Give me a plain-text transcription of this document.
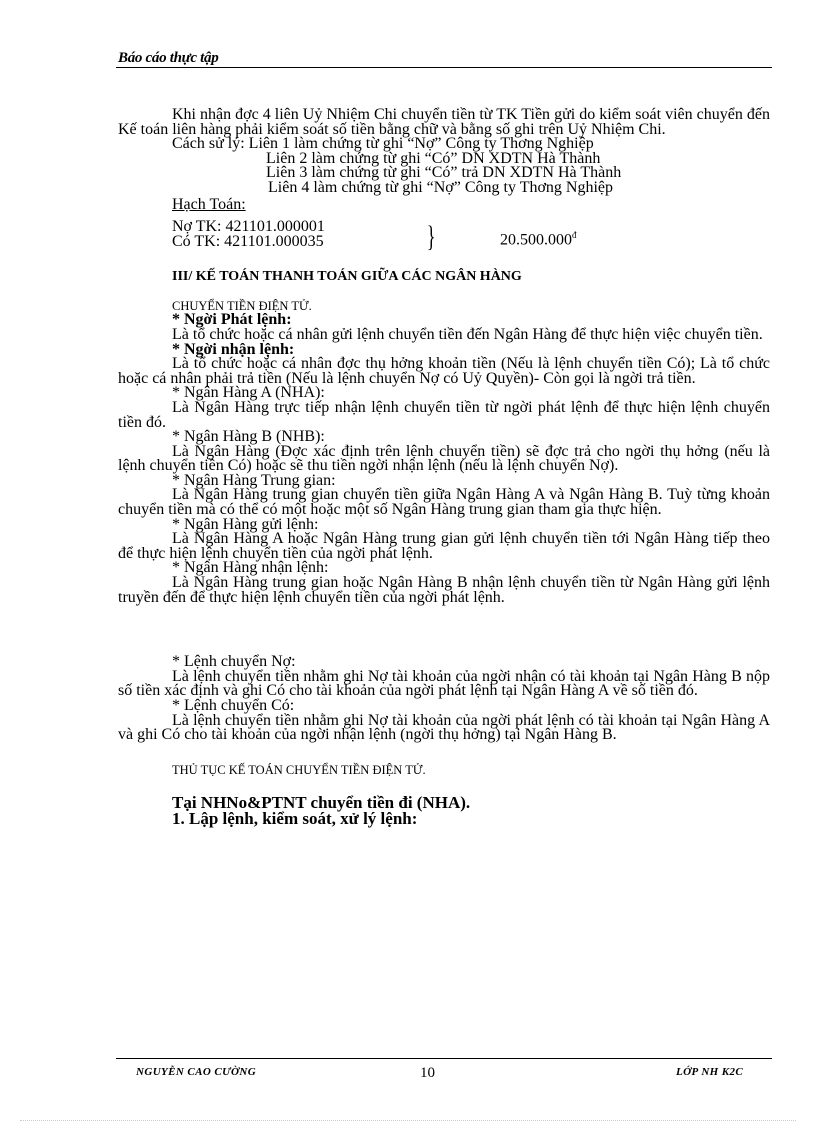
Báo cáo thực tập

Khi nhận đợc 4 liên Uỷ Nhiệm Chi chuyển tiền từ TK Tiền gửi do kiểm soát viên chuyển đến Kế toán liên hàng phải kiểm soát số tiền bằng chữ và bằng số ghi trên Uỷ Nhiệm Chi.

Cách sử lý: Liên 1 làm chứng từ ghi “Nợ” Công ty Thơng Nghiệp

Liên 2 làm chứng từ ghi “Có” DN XDTN Hà Thành

Liên 3 làm chứng từ ghi “Có” trả DN XDTN Hà Thành

Liên 4 làm chứng từ ghi “Nợ” Công ty Thơng Nghiệp

Hạch Toán:

Nợ TK: 421101.000001
Có TK: 421101.000035	}	$20.500.000^đ$

III/ KẾ TOÁN THANH TOÁN GIỮA CÁC NGÂN HÀNG

CHUYỂN TIỀN ĐIỆN TỬ.

* Ngời Phát lệnh:

Là tổ chức hoặc cá nhân gửi lệnh chuyển tiền đến Ngân Hàng để thực hiện việc chuyển tiền.

* Ngời nhận lệnh:

Là tổ chức hoặc cá nhân đợc thụ hởng khoản tiền (Nếu là lệnh chuyển tiền Có); Là tổ chức hoặc cá nhân phải trả tiền (Nếu là lệnh chuyển Nợ có Uỷ Quyền)- Còn gọi là ngời trả tiền.

* Ngân Hàng A (NHA):

Là Ngân Hàng trực tiếp nhận lệnh chuyển tiền từ ngời phát lệnh để thực hiện lệnh chuyển tiền đó.

* Ngân Hàng B (NHB):

Là Ngân Hàng (Đợc xác định trên lệnh chuyển tiền) sẽ đợc trả cho ngời thụ hởng (nếu là lệnh chuyển tiền Có) hoặc sẽ thu tiền ngời nhận lệnh (nếu là lệnh chuyển Nợ).

* Ngân Hàng Trung gian:

Là Ngân Hàng trung gian chuyển tiền giữa Ngân Hàng A và Ngân Hàng B. Tuỳ từng khoản chuyển tiền mà có thể có một hoặc một số Ngân Hàng trung gian tham gia thực hiện.

* Ngân Hàng gửi lệnh:

Là Ngân Hàng A hoặc Ngân Hàng trung gian gửi lệnh chuyển tiền tới Ngân Hàng tiếp theo để thực hiện lệnh chuyển tiền của ngời phát lệnh.

* Ngân Hàng nhận lệnh:

Là Ngân Hàng trung gian hoặc Ngân Hàng B nhận lệnh chuyển tiền từ Ngân Hàng gửi lệnh truyền đến để thực hiện lệnh chuyển tiền của ngời phát lệnh.

* Lệnh chuyển Nợ:

Là lệnh chuyển tiền nhằm ghi Nợ tài khoản của ngời nhận có tài khoản tại Ngân Hàng B nộp số tiền xác định và ghi Có cho tài khoản của ngời phát lệnh tại Ngân Hàng A về số tiền đó.

* Lệnh chuyển Có:

Là lệnh chuyển tiền nhằm ghi Nợ tài khoản của ngời phát lệnh có tài khoản tại Ngân Hàng A và ghi Có cho tài khoản của ngời nhận lệnh (ngời thụ hởng) tại Ngân Hàng B.

THỦ TỤC KẾ TOÁN CHUYỂN TIỀN ĐIỆN TỬ.

Tại NHNo&PTNT chuyển tiền đi (NHA).

1. Lập lệnh, kiểm soát, xử lý lệnh:

NGUYỄN CAO CƯỜNG	10	LỚP NH K2C
